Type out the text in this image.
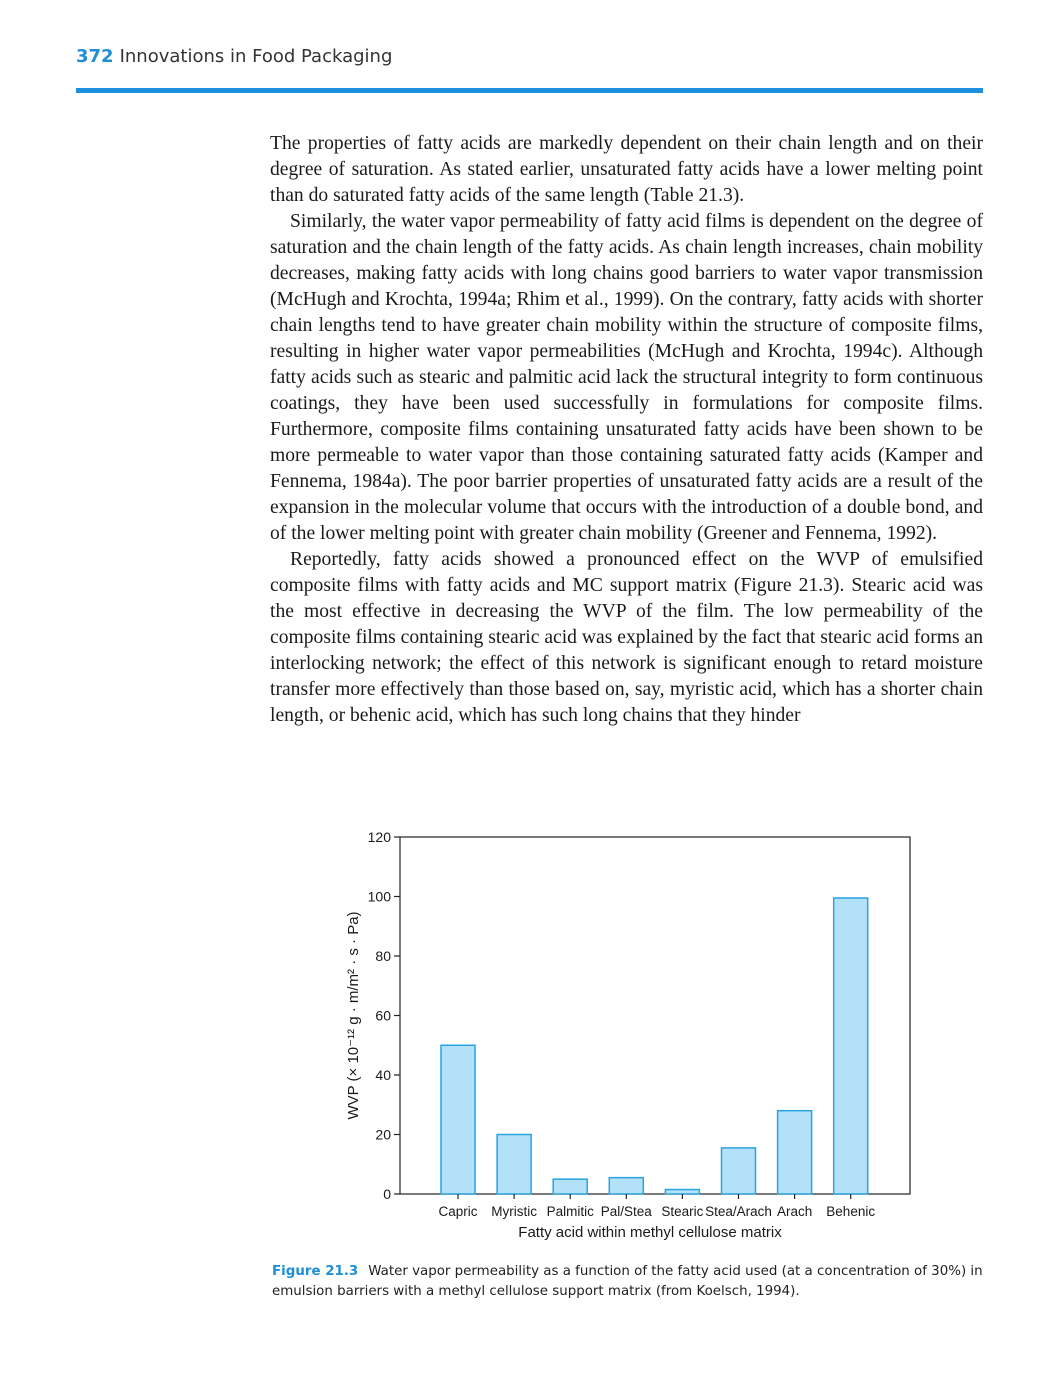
372 Innovations in Food Packaging

The properties of fatty acids are markedly dependent on their chain length and on their degree of saturation. As stated earlier, unsaturated fatty acids have a lower melting point than do saturated fatty acids of the same length (Table 21.3).

Similarly, the water vapor permeability of fatty acid films is dependent on the degree of saturation and the chain length of the fatty acids. As chain length increases, chain mobility decreases, making fatty acids with long chains good barriers to water vapor transmission (McHugh and Krochta, 1994a; Rhim et al., 1999). On the contrary, fatty acids with shorter chain lengths tend to have greater chain mobility within the structure of composite films, resulting in higher water vapor permeabilities (McHugh and Krochta, 1994c). Although fatty acids such as stearic and palmitic acid lack the structural integrity to form continuous coatings, they have been used successfully in formulations for composite films. Furthermore, composite films containing unsaturated fatty acids have been shown to be more permeable to water vapor than those containing saturated fatty acids (Kamper and Fennema, 1984a). The poor barrier properties of unsaturated fatty acids are a result of the expansion in the molecular volume that occurs with the introduction of a double bond, and of the lower melting point with greater chain mobility (Greener and Fennema, 1992).

Reportedly, fatty acids showed a pronounced effect on the WVP of emulsified composite films with fatty acids and MC support matrix (Figure 21.3). Stearic acid was the most effective in decreasing the WVP of the film. The low permeability of the composite films containing stearic acid was explained by the fact that stearic acid forms an interlocking network; the effect of this network is significant enough to retard moisture transfer more effectively than those based on, say, myristic acid, which has a shorter chain length, or behenic acid, which has such long chains that they hinder

0
20
40
60
80
100
120
Capric Myristic Palmitic Pal/Stea Stearic Stea/Arach Arach Behenic
Fatty acid within methyl cellulose matrix
WVP (× 10⁻¹² g · m/m² · s · Pa)
Figure 21.3 Water vapor permeability as a function of the fatty acid used (at a concentration of 30%) in emulsion barriers with a methyl cellulose support matrix (from Koelsch, 1994).
